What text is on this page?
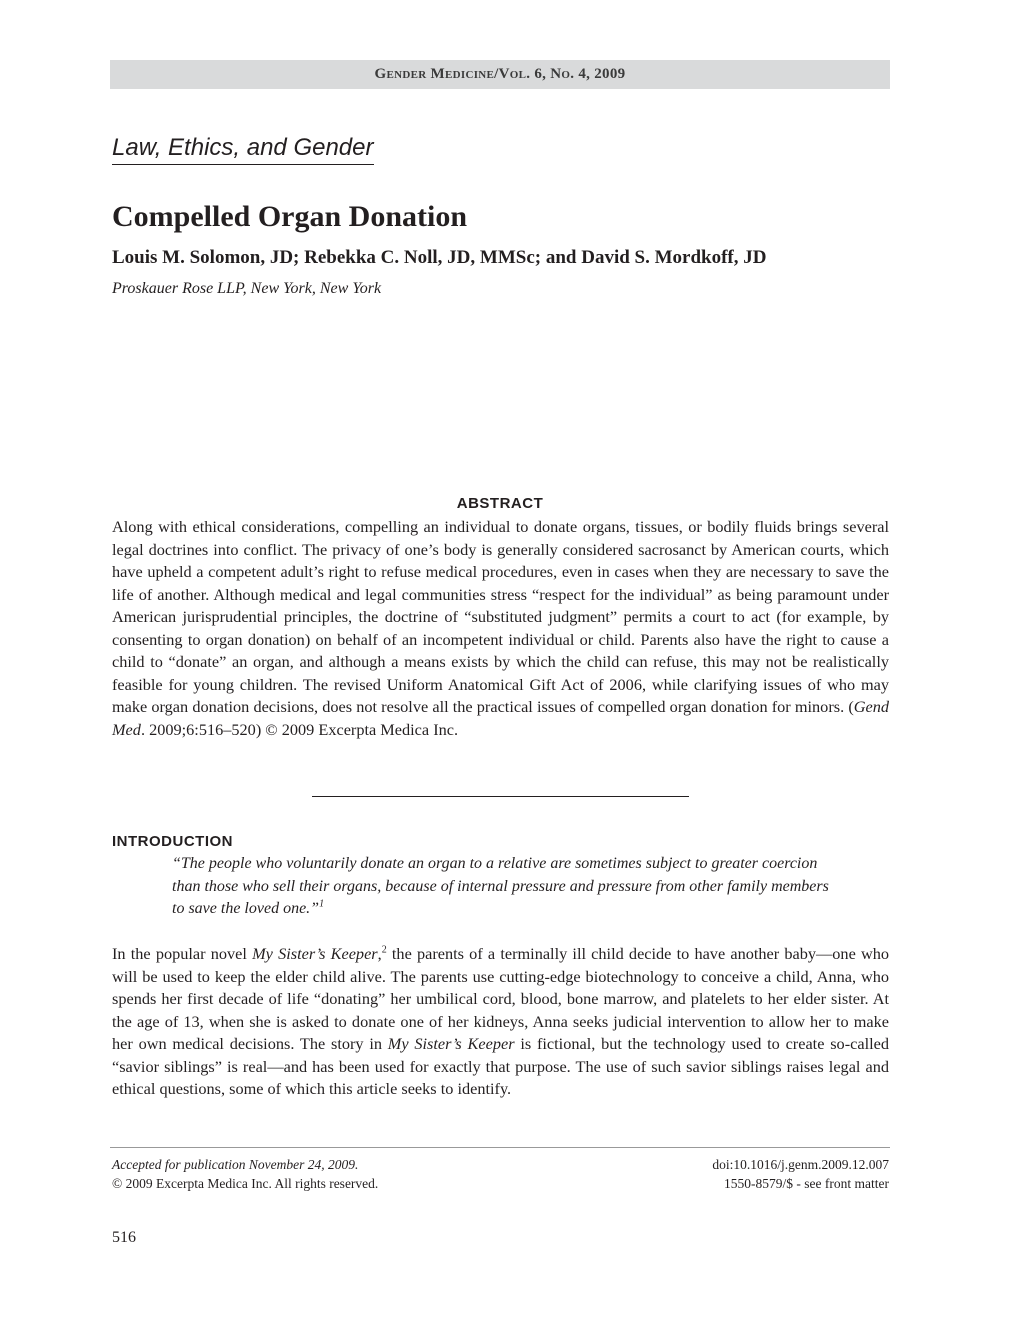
Gender Medicine/Vol. 6, No. 4, 2009
Law, Ethics, and Gender
Compelled Organ Donation
Louis M. Solomon, JD; Rebekka C. Noll, JD, MMSc; and David S. Mordkoff, JD
Proskauer Rose LLP, New York, New York
ABSTRACT
Along with ethical considerations, compelling an individual to donate organs, tissues, or bodily fluids brings several legal doctrines into conflict. The privacy of one’s body is generally considered sacrosanct by American courts, which have upheld a competent adult’s right to refuse medical procedures, even in cases when they are necessary to save the life of another. Although medical and legal communities stress “respect for the individual” as being paramount under American jurisprudential principles, the doctrine of “substituted judgment” permits a court to act (for example, by consenting to organ donation) on behalf of an incompetent individual or child. Parents also have the right to cause a child to “donate” an organ, and although a means exists by which the child can refuse, this may not be realistically feasible for young children. The revised Uniform Anatomical Gift Act of 2006, while clarifying issues of who may make organ donation decisions, does not resolve all the practical issues of compelled organ donation for minors. (Gend Med. 2009;6:516–520) © 2009 Excerpta Medica Inc.
INTRODUCTION
“The people who voluntarily donate an organ to a relative are sometimes subject to greater coercion than those who sell their organs, because of internal pressure and pressure from other family members to save the loved one.”$^1$
In the popular novel My Sister’s Keeper,$^2$ the parents of a terminally ill child decide to have another baby—one who will be used to keep the elder child alive. The parents use cutting-edge biotechnology to conceive a child, Anna, who spends her first decade of life “donating” her umbilical cord, blood, bone marrow, and platelets to her elder sister. At the age of 13, when she is asked to donate one of her kidneys, Anna seeks judicial intervention to allow her to make her own medical decisions. The story in My Sister’s Keeper is fictional, but the technology used to create so-called “savior siblings” is real—and has been used for exactly that purpose. The use of such savior siblings raises legal and ethical questions, some of which this article seeks to identify.
Accepted for publication November 24, 2009.
© 2009 Excerpta Medica Inc. All rights reserved.
doi:10.1016/j.genm.2009.12.007
1550-8579/$ - see front matter
516
